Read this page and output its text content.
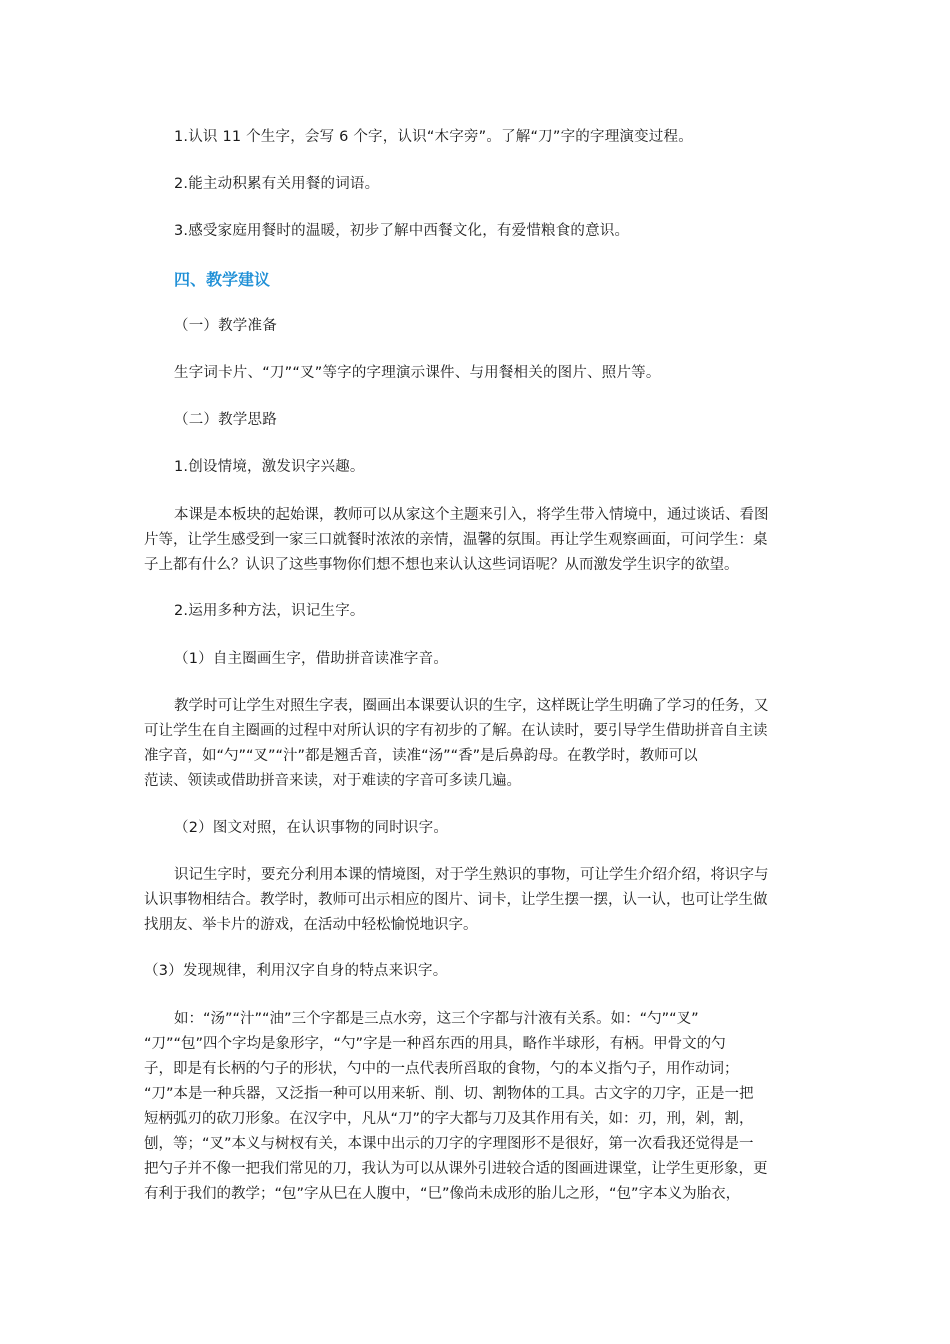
1.认识 11 个生字，会写 6 个字，认识“木字旁”。了解“刀”字的字理演变过程。

2.能主动积累有关用餐的词语。

3.感受家庭用餐时的温暖，初步了解中西餐文化，有爱惜粮食的意识。

四、教学建议

（一）教学准备

生字词卡片、“刀”“叉”等字的字理演示课件、与用餐相关的图片、照片等。

（二）教学思路

1.创设情境，激发识字兴趣。

本课是本板块的起始课，教师可以从家这个主题来引入，将学生带入情境中，通过谈话、看图
片等，让学生感受到一家三口就餐时浓浓的亲情，温馨的氛围。再让学生观察画面，可问学生：桌
子上都有什么？认识了这些事物你们想不想也来认认这些词语呢？从而激发学生识字的欲望。

2.运用多种方法，识记生字。

（1）自主圈画生字，借助拼音读准字音。

教学时可让学生对照生字表，圈画出本课要认识的生字，这样既让学生明确了学习的任务，又
可让学生在自主圈画的过程中对所认识的字有初步的了解。在认读时，要引导学生借助拼音自主读
准字音，如“勺”“叉”“汁”都是翘舌音，读准“汤”“香”是后鼻韵母。在教学时，教师可以
范读、领读或借助拼音来读，对于难读的字音可多读几遍。

（2）图文对照，在认识事物的同时识字。

识记生字时，要充分利用本课的情境图，对于学生熟识的事物，可让学生介绍介绍，将识字与
认识事物相结合。教学时，教师可出示相应的图片、词卡，让学生摆一摆，认一认，也可让学生做
找朋友、举卡片的游戏，在活动中轻松愉悦地识字。

（3）发现规律，利用汉字自身的特点来识字。

如：“汤”“汁”“油”三个字都是三点水旁，这三个字都与汁液有关系。如：“勺”“叉”
“刀”“包”四个字均是象形字，“勺”字是一种舀东西的用具，略作半球形，有柄。甲骨文的勺
子，即是有长柄的勺子的形状，勺中的一点代表所舀取的食物，勺的本义指勺子，用作动词；
“刀”本是一种兵器，又泛指一种可以用来斩、削、切、割物体的工具。古文字的刀字，正是一把
短柄弧刃的砍刀形象。在汉字中，凡从“刀”的字大都与刀及其作用有关，如：刃，刑，剁，割，
刨，等；“叉”本义与树杈有关，本课中出示的刀字的字理图形不是很好，第一次看我还觉得是一
把勺子并不像一把我们常见的刀，我认为可以从课外引进较合适的图画进课堂，让学生更形象，更
有利于我们的教学；“包”字从巳在人腹中，“巳”像尚未成形的胎儿之形，“包”字本义为胎衣，
